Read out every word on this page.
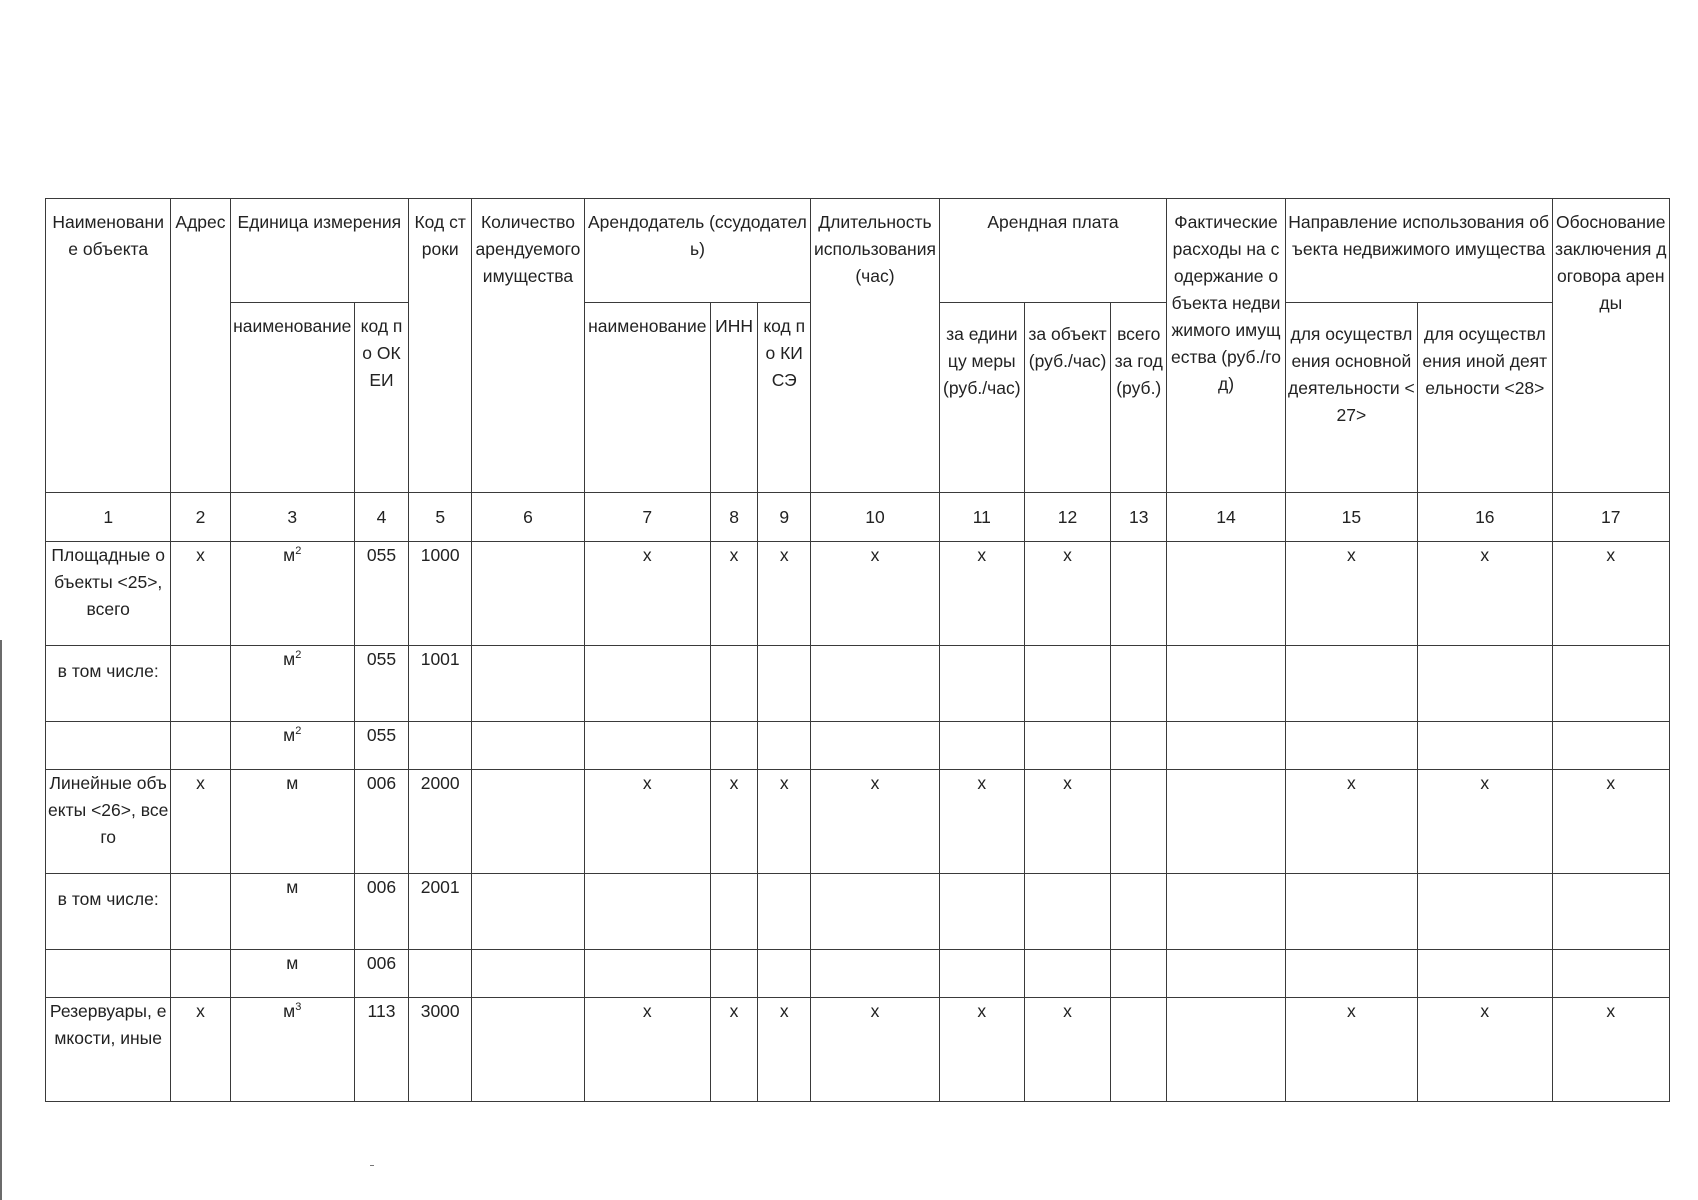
Наименование объекта	Адрес	Единица измерения		Код строки	Количество арендуемого имущества	Арендодатель (ссудодатель)			Длительность использования (час)	Арендная плата			Фактические расходы на содержание объекта недвижимого имущества (руб./год)	Направление использования объекта недвижимого имущества		Обоснование заключения договора аренды
		наименование	код по ОКЕИ			наименование	ИНН	код по КИСЭ		за единицу меры (руб./час)	за объект (руб./час)	всего за год (руб.)		для осуществления основной деятельности <27>	для осуществления иной деятельности <28>	
1	2	3	4	5	6	7	8	9	10	11	12	13	14	15	16	17
Площадные объекты <25>, всего	х	$м^2$	055	1000		х	х	х	х	х	х			х	х	х
в том числе:		$м^2$	055	1001												
		$м^2$	055													
Линейные объекты <26>, всего	х	м	006	2000		х	х	х	х	х	х			х	х	х
в том числе:		м	006	2001												
		м	006													
Резервуары, емкости, иные	х	$м^3$	113	3000		х	х	х	х	х	х			х	х	х
